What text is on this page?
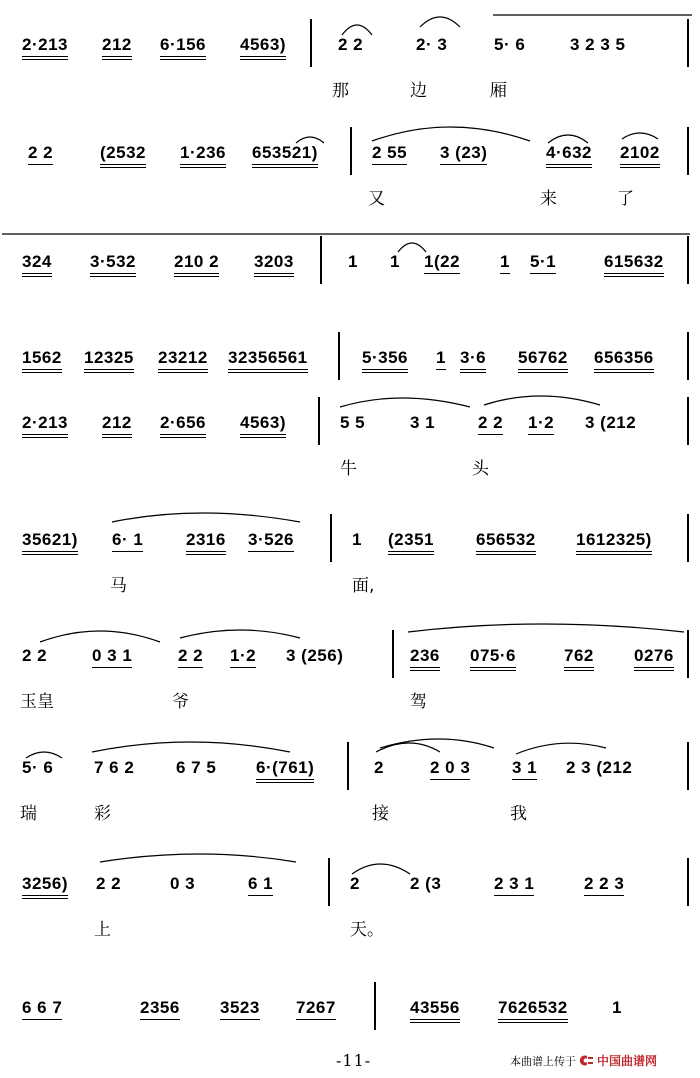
2·213 212 6·156 4563)	2 2	2· 3	5· 6	3 2 3 5
那	边	厢
2 2	(2532 1·236 653521)	2 55 3 (23)	4·632 2102
又	来	了
324 3·532 210 2 3203	1 1 1(22 1 5·1	615632
1562 12325 23212 32356561	5·356 1 3·6 56762 656356
2·213 212 2·656 4563)	5 5	3 1	2 2 1·2 3 (212
牛	头
35621) 6· 1	2316 3·526	1 (2351 656532 1612325)
马	面,
2 2	0 3 1	2 2 1·2 3 (256)	236 075·6	762 0276
玉皇	爷	驾
5· 6 7 6 2 6 7 5 6·(761)	2	2 0 3 3 1 2 3 (212
瑞	彩	接	我
3256) 2 2	0 3	6 1	2	2 (3	2 3 1	2 2 3
上	天。
6 6 7	2356 3523 7267	43556 7626532	1
-11-	本曲谱上传于 中国曲谱网
